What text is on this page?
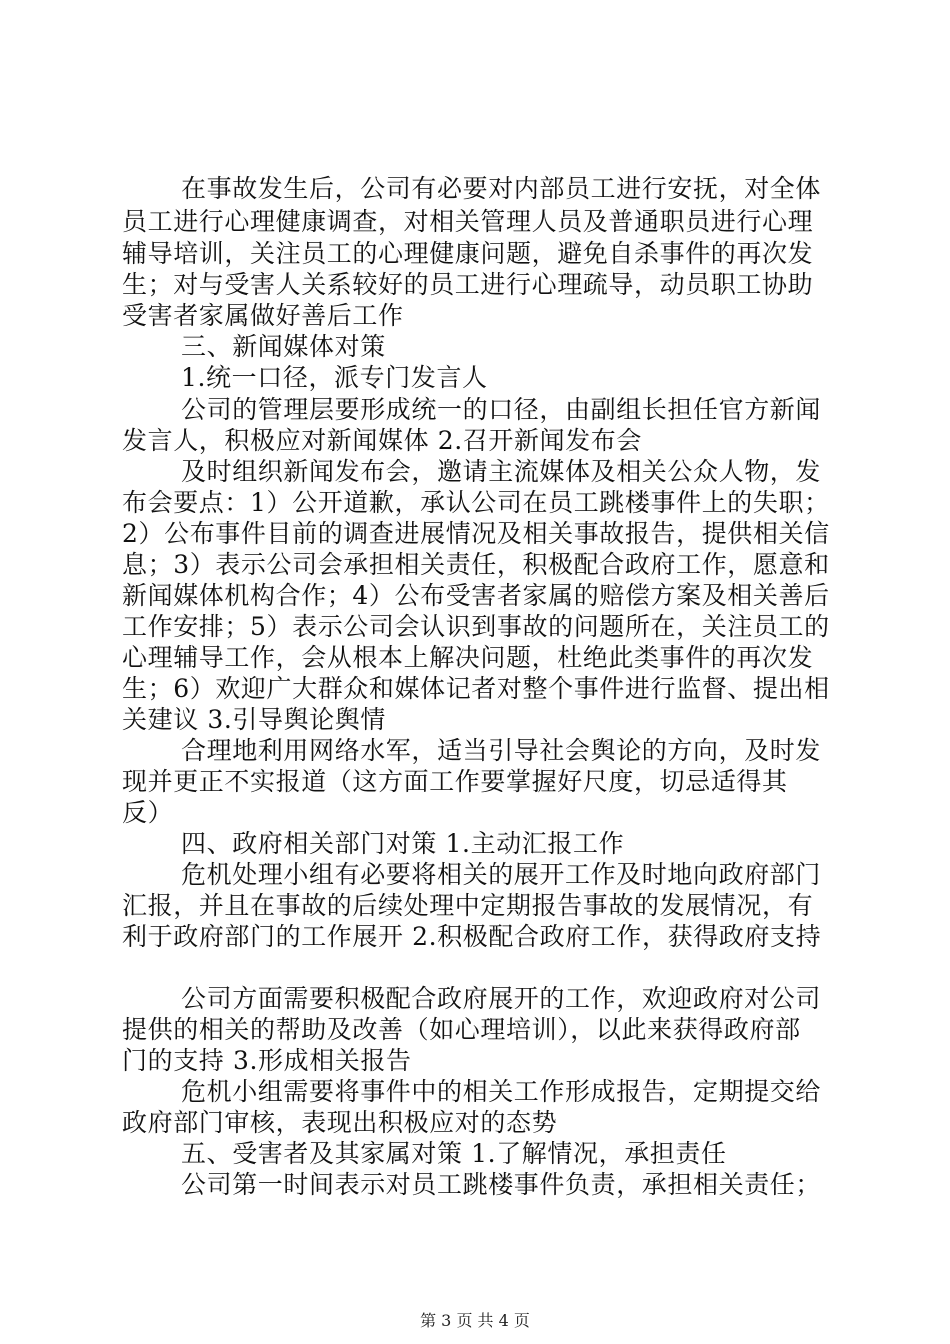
在事故发生后，公司有必要对内部员工进行安抚，对全体
员工进行心理健康调查，对相关管理人员及普通职员进行心理
辅导培训，关注员工的心理健康问题，避免自杀事件的再次发
生；对与受害人关系较好的员工进行心理疏导，动员职工协助
受害者家属做好善后工作
三、新闻媒体对策
1.统一口径，派专门发言人
公司的管理层要形成统一的口径，由副组长担任官方新闻
发言人，积极应对新闻媒体 2.召开新闻发布会
及时组织新闻发布会，邀请主流媒体及相关公众人物，发
布会要点：1）公开道歉，承认公司在员工跳楼事件上的失职；
2）公布事件目前的调查进展情况及相关事故报告，提供相关信
息；3）表示公司会承担相关责任，积极配合政府工作，愿意和
新闻媒体机构合作；4）公布受害者家属的赔偿方案及相关善后
工作安排；5）表示公司会认识到事故的问题所在，关注员工的
心理辅导工作，会从根本上解决问题，杜绝此类事件的再次发
生；6）欢迎广大群众和媒体记者对整个事件进行监督、提出相
关建议 3.引导舆论舆情
合理地利用网络水军，适当引导社会舆论的方向，及时发
现并更正不实报道（这方面工作要掌握好尺度，切忌适得其
反）
四、政府相关部门对策 1.主动汇报工作
危机处理小组有必要将相关的展开工作及时地向政府部门
汇报，并且在事故的后续处理中定期报告事故的发展情况，有
利于政府部门的工作展开 2.积极配合政府工作，获得政府支持
公司方面需要积极配合政府展开的工作，欢迎政府对公司
提供的相关的帮助及改善（如心理培训），以此来获得政府部
门的支持 3.形成相关报告
危机小组需要将事件中的相关工作形成报告，定期提交给
政府部门审核，表现出积极应对的态势
五、受害者及其家属对策 1.了解情况，承担责任
公司第一时间表示对员工跳楼事件负责，承担相关责任；
第 3 页 共 4 页
